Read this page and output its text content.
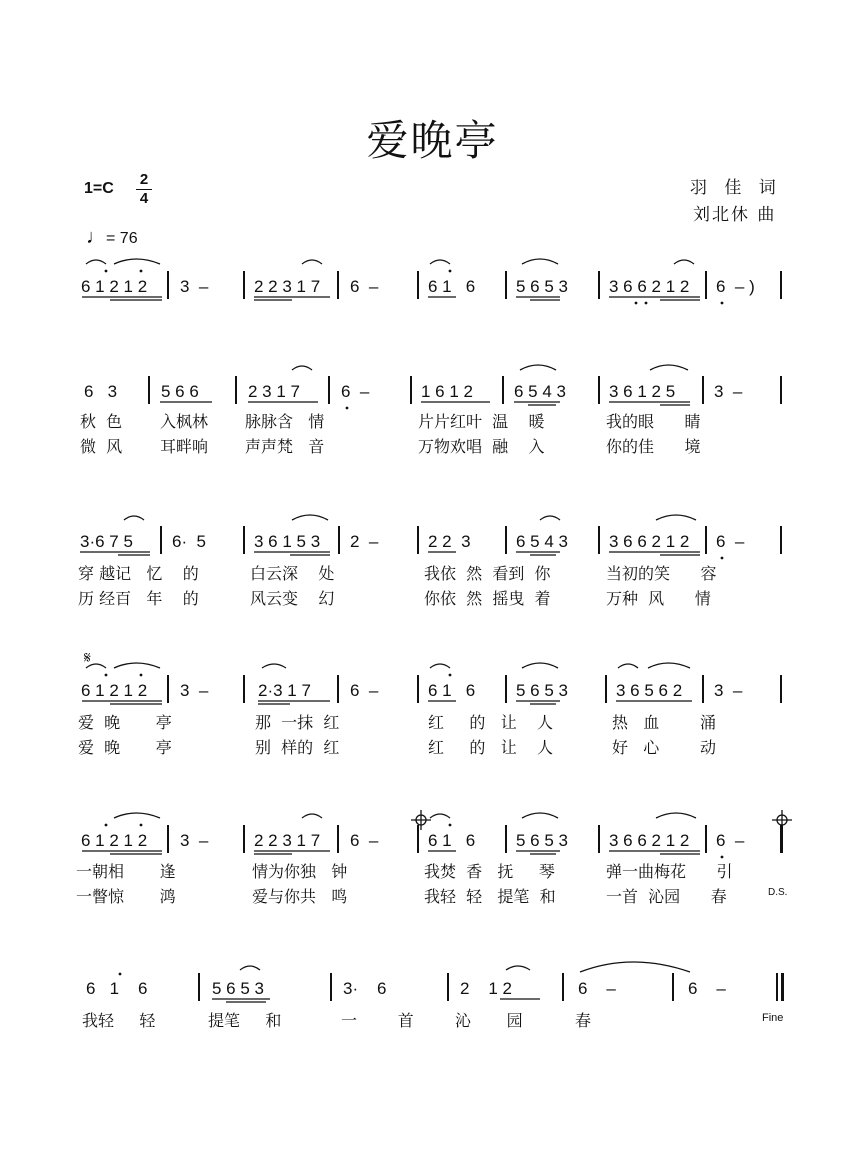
爱晚亭
1=C
2
4
♩= 76
羽 佳 词
刘北休 曲
6 1 2 1 2 3  –	2 2 3 1 7 6  –	6 1   6 5 6 5 3 3 6 6 2 1 2 6  – )
6   3	5 6 6	2 3 1 7 6  –	1 6 1 2 6 5 4 3	3 6 1 2 5 3  –
秋  色 入枫林 脉脉含   情	片片红叶  温    暖	我的眼      睛
微  风 耳畔响 声声梵   音	万物欢唱  融    入	你的佳      境
3·6 7 5 6·  5	3 6 1 5 3 2  –	2 2  3	6 5 4 3 3 6 6 2 1 2 6  –
穿 越记   忆    的	白云深    处	我依  然  看到  你	当初的笑      容
历 经百   年    的	风云变    幻	你依  然  摇曳  着	万种  风      情
𝄋
6 1 2 1 2 3  –	2·3 1 7 6  –	6 1   6 5 6 5 3	3 6 5 6 2 3  –
爱  晚       亭	那  一抹  红	红     的   让    人	热   血        涌
爱  晚       亭	别  样的  红	红     的   让    人	好   心        动
6 1 2 1 2 3  –	2 2 3 1 7 6  –	6 1   6 5 6 5 3 3 6 6 2 1 2 6  –
一朝相       逢	情为你独   钟	我焚  香   抚     琴	弹一曲梅花      引
一瞥惊       鸿	爱与你共   鸣	我轻  轻   提笔  和	一首  沁园      春	D.S.
6   1    6	5 6 5 3	3·    6	2    1 2	6    –	6    –
我轻     轻	提笔     和	一        首	沁       园	春	Fine
